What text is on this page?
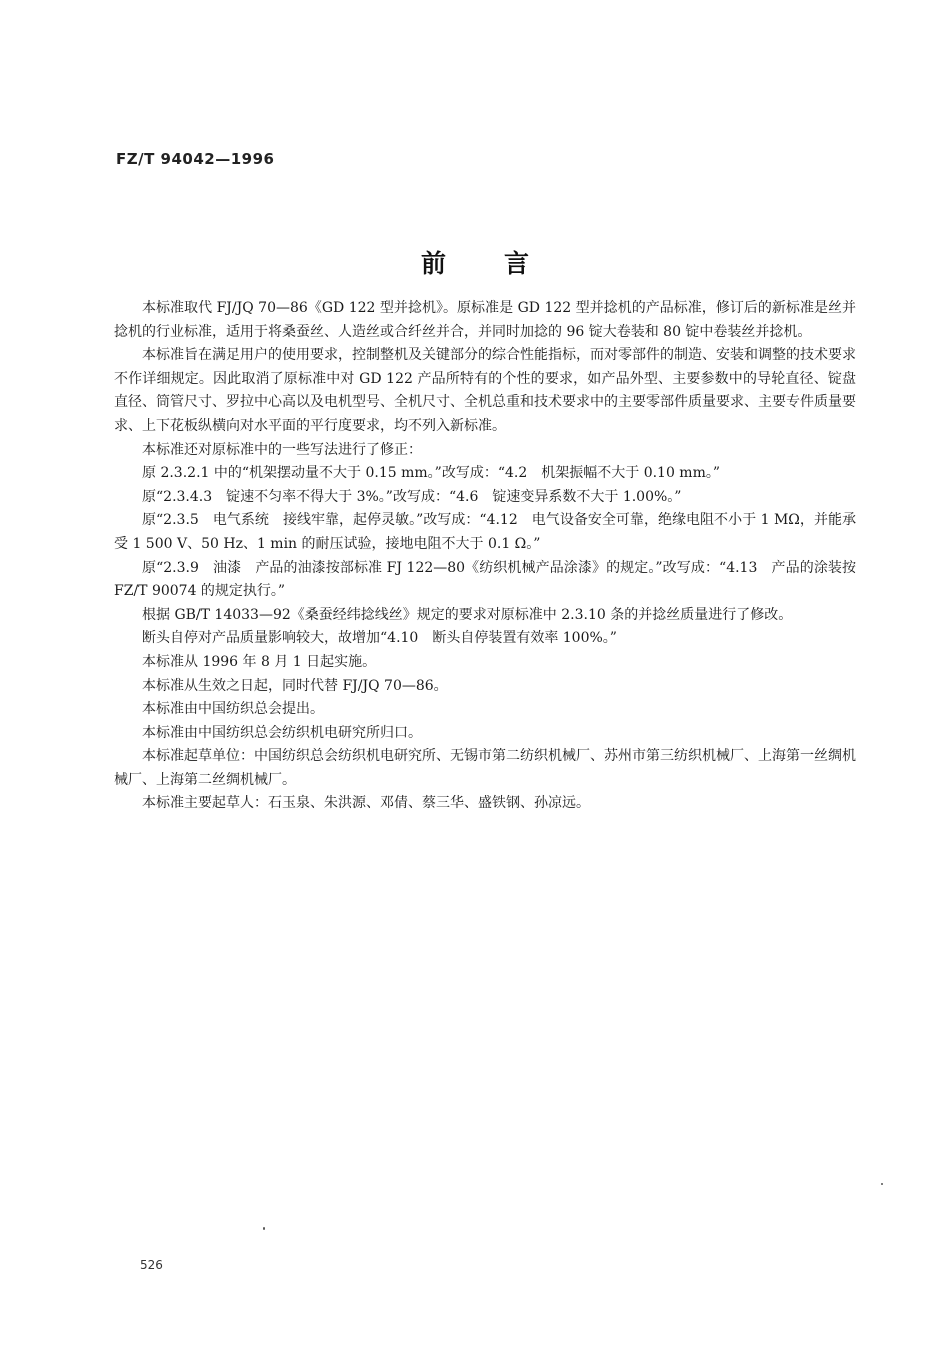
FZ/T 94042—1996
前言

本标准取代 FJ/JQ 70—86《GD 122 型并捻机》。原标准是 GD 122 型并捻机的产品标准，修订后的新标准是丝并捻机的行业标准，适用于将桑蚕丝、人造丝或合纤丝并合，并同时加捻的 96 锭大卷装和 80 锭中卷装丝并捻机。

本标准旨在满足用户的使用要求，控制整机及关键部分的综合性能指标，而对零部件的制造、安装和调整的技术要求不作详细规定。因此取消了原标准中对 GD 122 产品所特有的个性的要求，如产品外型、主要参数中的导轮直径、锭盘直径、筒管尺寸、罗拉中心高以及电机型号、全机尺寸、全机总重和技术要求中的主要零部件质量要求、主要专件质量要求、上下花板纵横向对水平面的平行度要求，均不列入新标准。

本标准还对原标准中的一些写法进行了修正：

原 2.3.2.1 中的“机架摆动量不大于 0.15 mm。”改写成：“4.2　机架振幅不大于 0.10 mm。”

原“2.3.4.3　锭速不匀率不得大于 3%。”改写成：“4.6　锭速变异系数不大于 1.00%。”

原“2.3.5　电气系统　接线牢靠，起停灵敏。”改写成：“4.12　电气设备安全可靠，绝缘电阻不小于 1 MΩ，并能承受 1 500 V、50 Hz、1 min 的耐压试验，接地电阻不大于 0.1 Ω。”

原“2.3.9　油漆　产品的油漆按部标准 FJ 122—80《纺织机械产品涂漆》的规定。”改写成：“4.13　产品的涂装按 FZ/T 90074 的规定执行。”

根据 GB/T 14033—92《桑蚕经纬捻线丝》规定的要求对原标准中 2.3.10 条的并捻丝质量进行了修改。

断头自停对产品质量影响较大，故增加“4.10　断头自停装置有效率 100%。”

本标准从 1996 年 8 月 1 日起实施。

本标准从生效之日起，同时代替 FJ/JQ 70—86。

本标准由中国纺织总会提出。

本标准由中国纺织总会纺织机电研究所归口。

本标准起草单位：中国纺织总会纺织机电研究所、无锡市第二纺织机械厂、苏州市第三纺织机械厂、上海第一丝绸机械厂、上海第二丝绸机械厂。

本标准主要起草人：石玉泉、朱洪源、邓倩、蔡三华、盛铁钢、孙凉远。

526
